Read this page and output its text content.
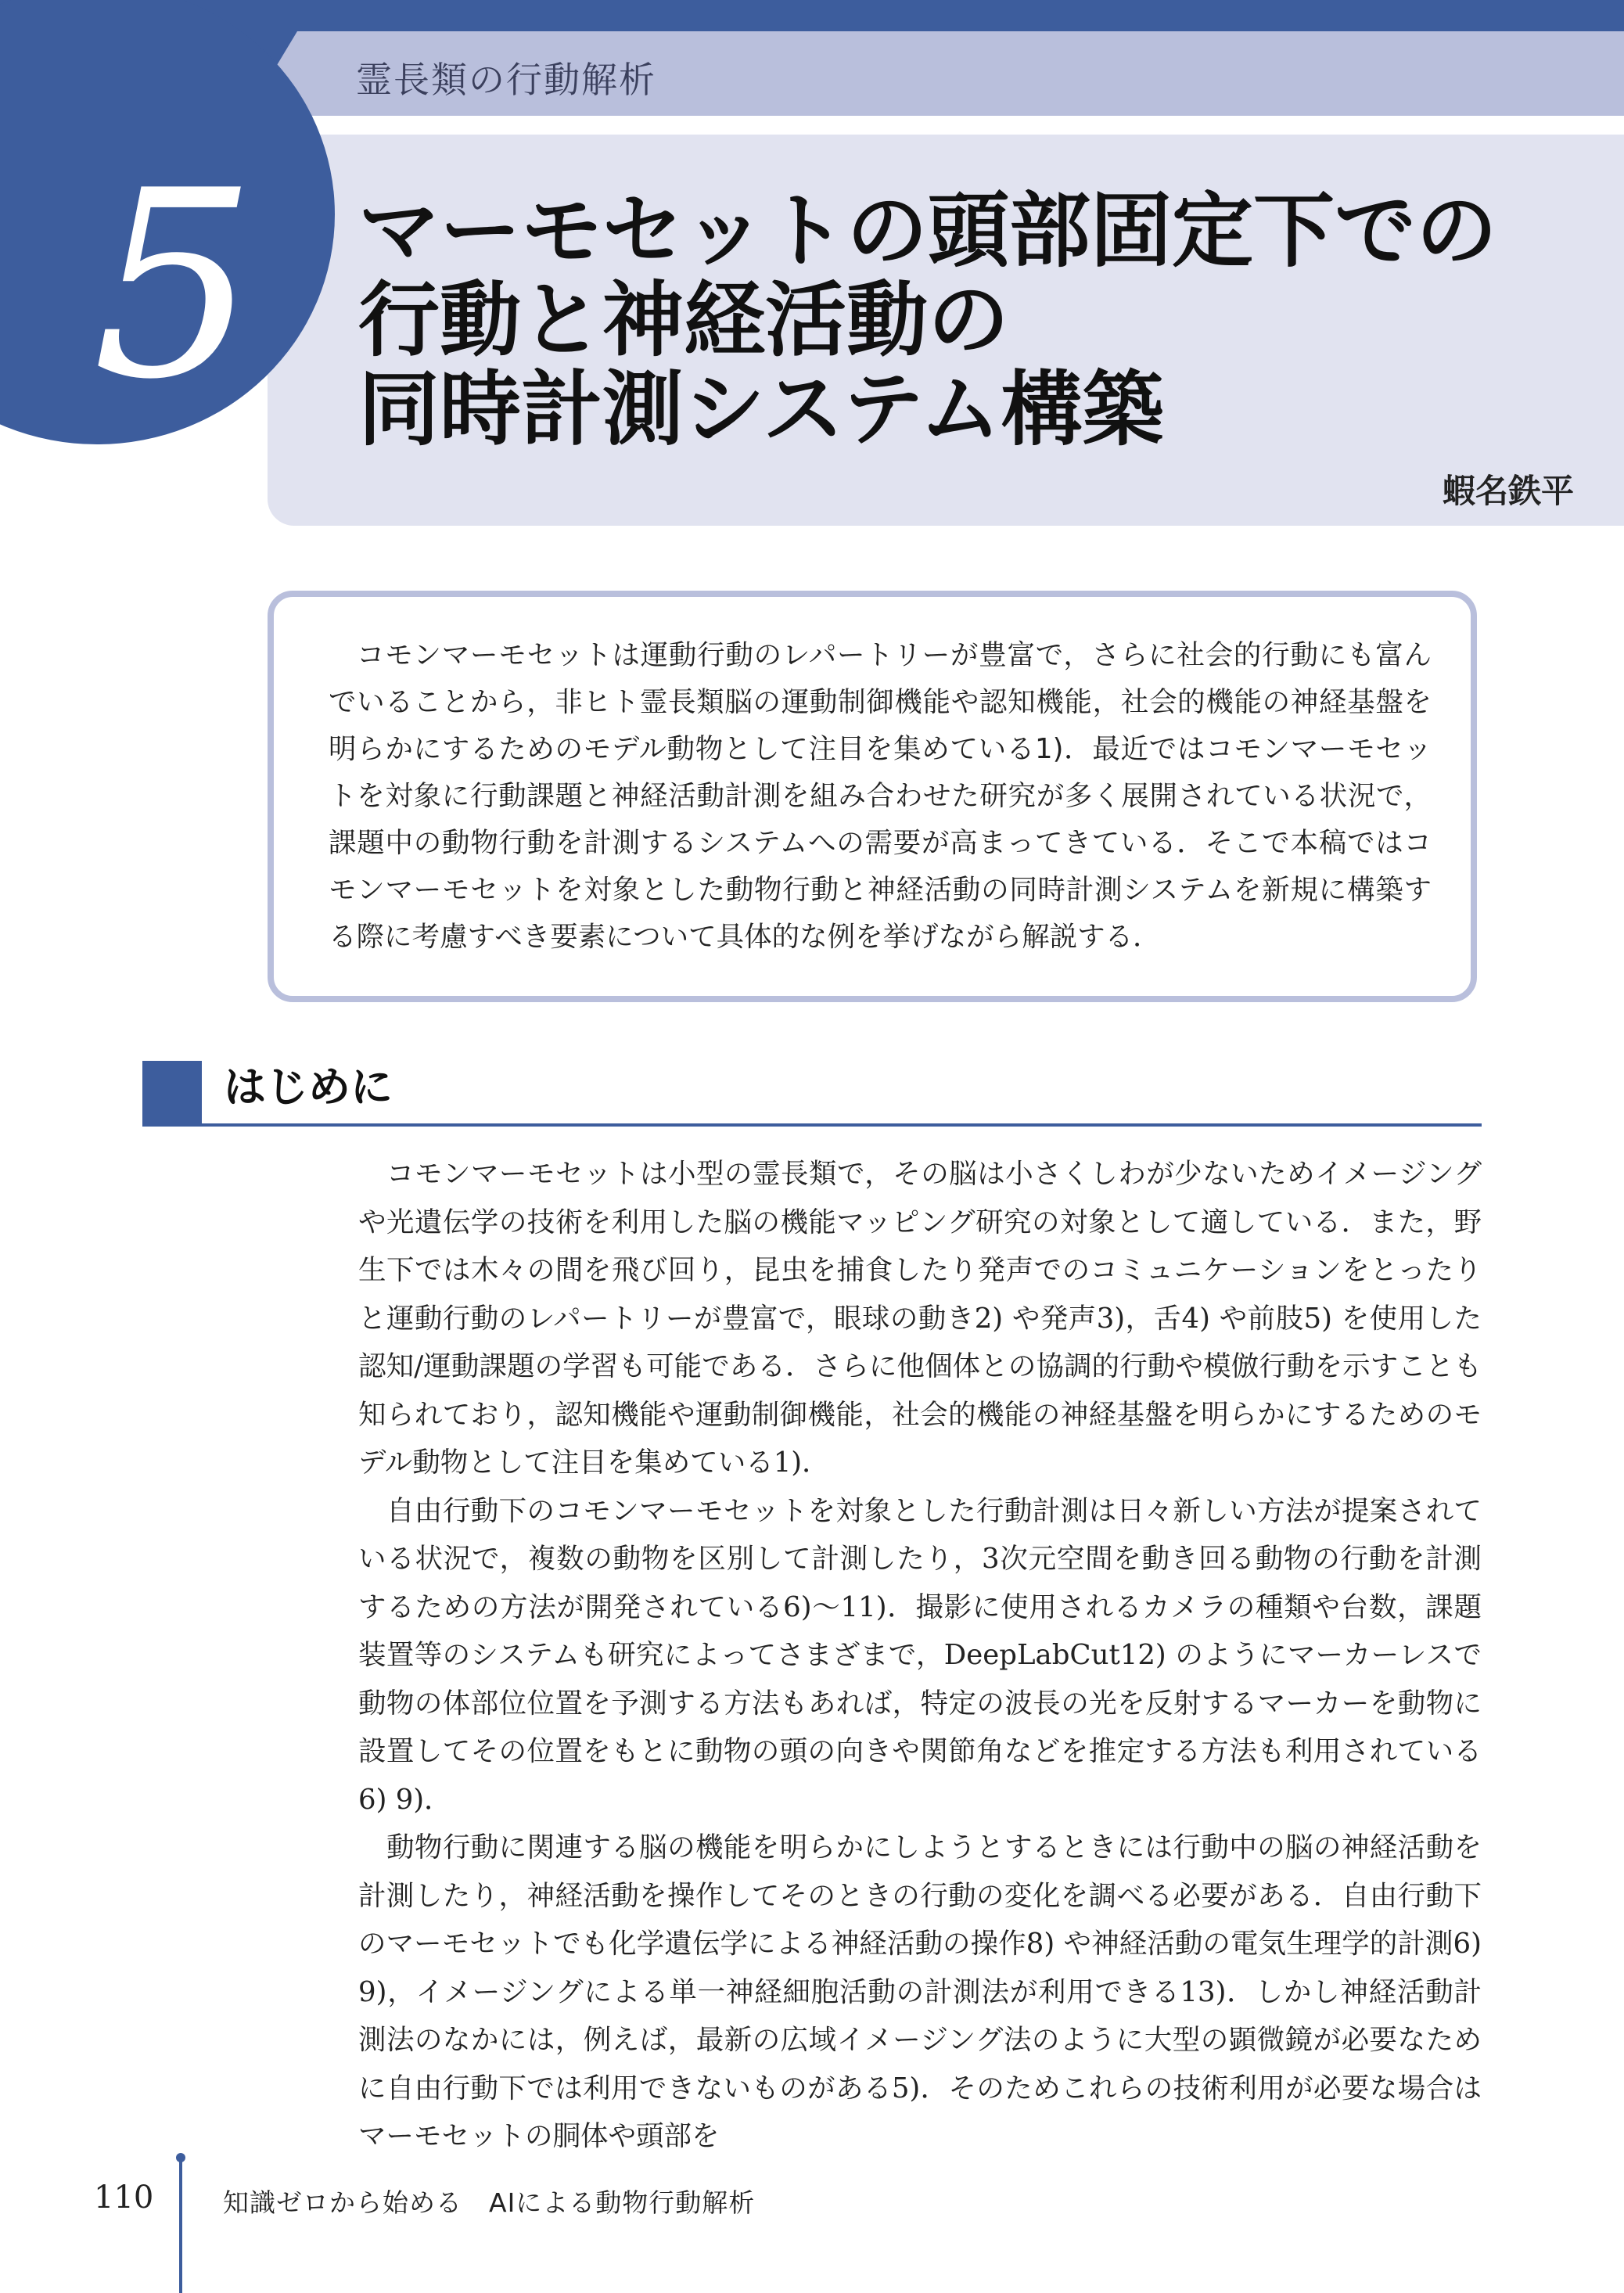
霊長類の行動解析
蝦名鉄平
5 マーモセットの頭部固定下での
行動と神経活動の
同時計測システム構築

コモンマーモセットは運動行動のレパートリーが豊富で，さらに社会的行動にも富んでいることから，非ヒト霊長類脳の運動制御機能や認知機能，社会的機能の神経基盤を明らかにするためのモデル動物として注目を集めている1)．最近ではコモンマーモセットを対象に行動課題と神経活動計測を組み合わせた研究が多く展開されている状況で，課題中の動物行動を計測するシステムへの需要が高まってきている．そこで本稿ではコモンマーモセットを対象とした動物行動と神経活動の同時計測システムを新規に構築する際に考慮すべき要素について具体的な例を挙げながら解説する．

はじめに

コモンマーモセットは小型の霊長類で，その脳は小さくしわが少ないためイメージングや光遺伝学の技術を利用した脳の機能マッピング研究の対象として適している．また，野生下では木々の間を飛び回り，昆虫を捕食したり発声でのコミュニケーションをとったりと運動行動のレパートリーが豊富で，眼球の動き2) や発声3)，舌4) や前肢5) を使用した認知/運動課題の学習も可能である．さらに他個体との協調的行動や模倣行動を示すことも知られており，認知機能や運動制御機能，社会的機能の神経基盤を明らかにするためのモデル動物として注目を集めている1)．

自由行動下のコモンマーモセットを対象とした行動計測は日々新しい方法が提案されている状況で，複数の動物を区別して計測したり，3次元空間を動き回る動物の行動を計測するための方法が開発されている6)～11)．撮影に使用されるカメラの種類や台数，課題装置等のシステムも研究によってさまざまで，DeepLabCut12) のようにマーカーレスで動物の体部位位置を予測する方法もあれば，特定の波長の光を反射するマーカーを動物に設置してその位置をもとに動物の頭の向きや関節角などを推定する方法も利用されている6) 9)．

動物行動に関連する脳の機能を明らかにしようとするときには行動中の脳の神経活動を計測したり，神経活動を操作してそのときの行動の変化を調べる必要がある．自由行動下のマーモセットでも化学遺伝学による神経活動の操作8) や神経活動の電気生理学的計測6) 9)，イメージングによる単一神経細胞活動の計測法が利用できる13)．しかし神経活動計測法のなかには，例えば，最新の広域イメージング法のように大型の顕微鏡が必要なために自由行動下では利用できないものがある5)．そのためこれらの技術利用が必要な場合はマーモセットの胴体や頭部を

110	知識ゼロから始める　AIによる動物行動解析
